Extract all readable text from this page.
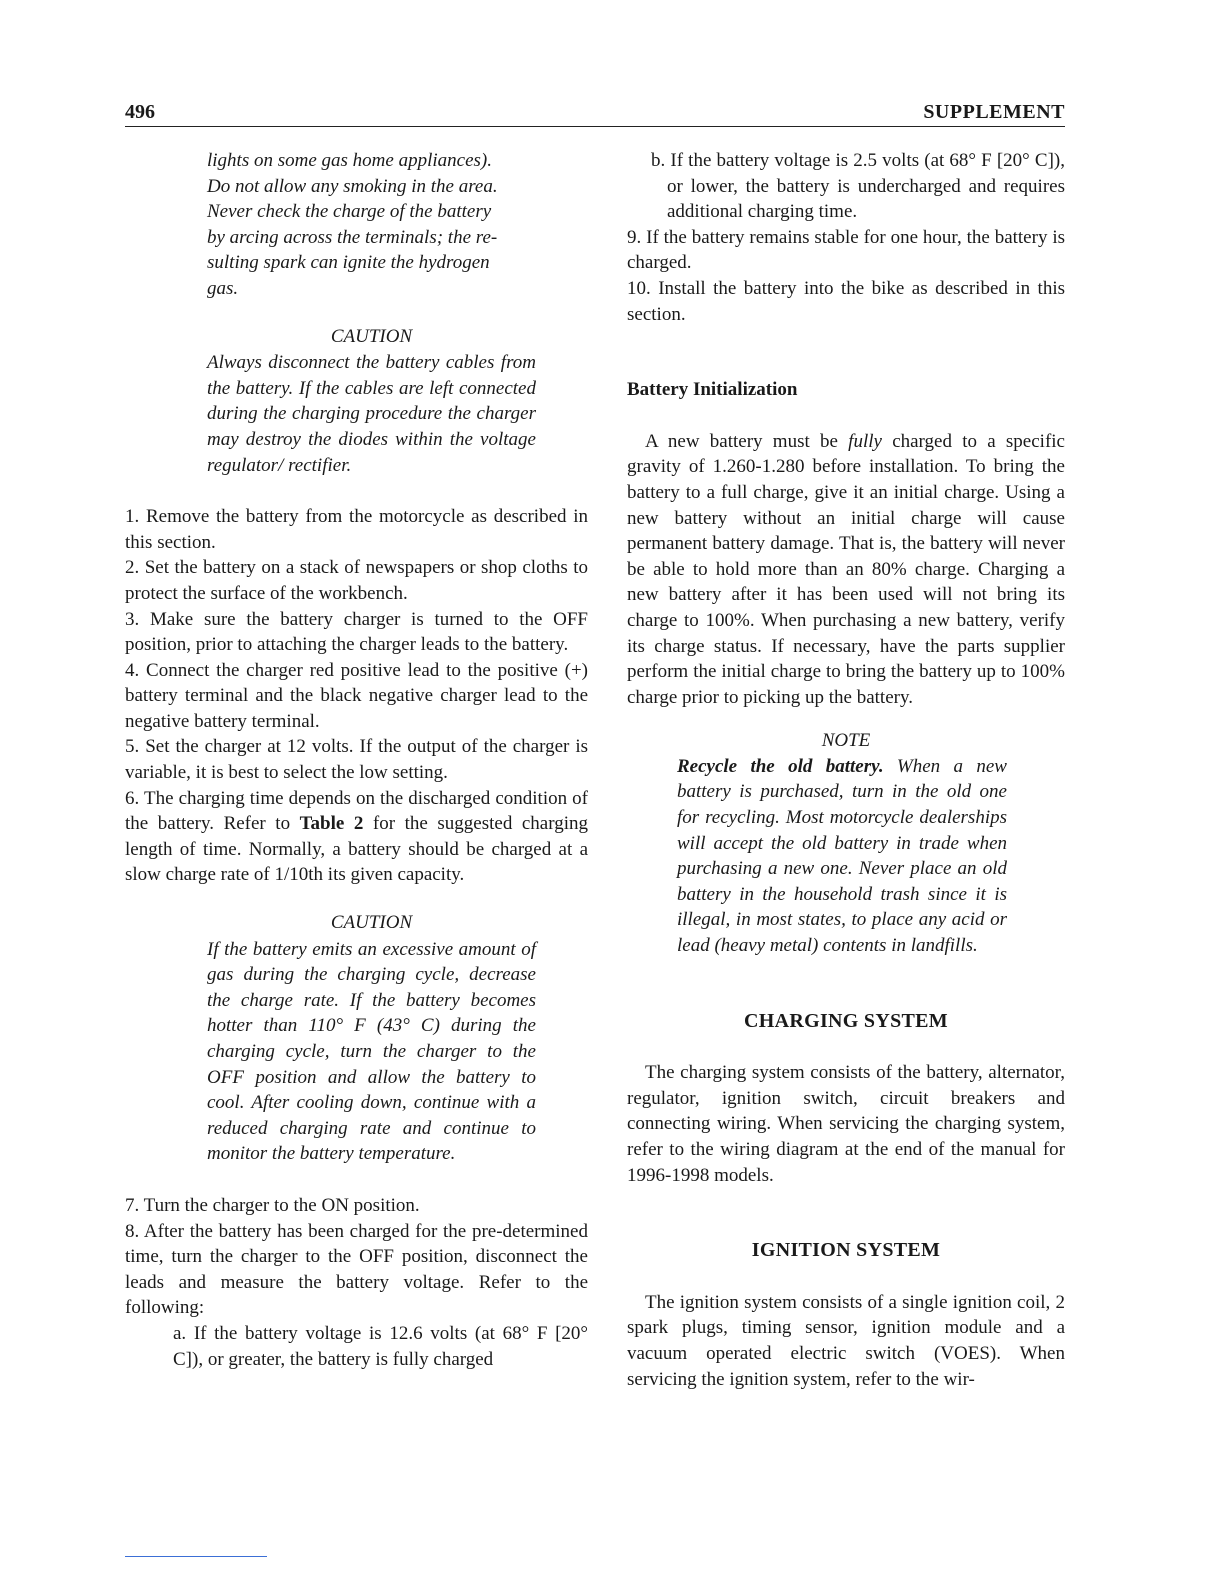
496	SUPPLEMENT
lights on some gas home appliances).
Do not allow any smoking in the area.
Never check the charge of the battery
by arcing across the terminals; the re-
sulting spark can ignite the hydrogen
gas.
CAUTION

Always disconnect the battery cables from the battery. If the cables are left connected during the charging procedure the charger may destroy the diodes within the voltage regulator/ rectifier.

1. Remove the battery from the motorcycle as described in this section.

2. Set the battery on a stack of newspapers or shop cloths to protect the surface of the workbench.

3. Make sure the battery charger is turned to the OFF position, prior to attaching the charger leads to the battery.

4. Connect the charger red positive lead to the positive (+) battery terminal and the black negative charger lead to the negative battery terminal.

5. Set the charger at 12 volts. If the output of the charger is variable, it is best to select the low setting.

6. The charging time depends on the discharged condition of the battery. Refer to Table 2 for the suggested charging length of time. Normally, a battery should be charged at a slow charge rate of 1/10th its given capacity.

CAUTION

If the battery emits an excessive amount of gas during the charging cycle, decrease the charge rate. If the battery becomes hotter than 110° F (43° C) during the charging cycle, turn the charger to the OFF position and allow the battery to cool. After cooling down, continue with a reduced charging rate and continue to monitor the battery temperature.

7. Turn the charger to the ON position.

8. After the battery has been charged for the pre-determined time, turn the charger to the OFF position, disconnect the leads and measure the battery voltage. Refer to the following:

a. If the battery voltage is 12.6 volts (at 68° F [20° C]), or greater, the battery is fully charged

b. If the battery voltage is 2.5 volts (at 68° F [20° C]), or lower, the battery is undercharged and requires additional charging time.

9. If the battery remains stable for one hour, the battery is charged.

10. Install the battery into the bike as described in this section.

Battery Initialization

A new battery must be fully charged to a specific gravity of 1.260-1.280 before installation. To bring the battery to a full charge, give it an initial charge. Using a new battery without an initial charge will cause permanent battery damage. That is, the battery will never be able to hold more than an 80% charge. Charging a new battery after it has been used will not bring its charge to 100%. When purchasing a new battery, verify its charge status. If necessary, have the parts supplier perform the initial charge to bring the battery up to 100% charge prior to picking up the battery.

NOTE

Recycle the old battery. When a new battery is purchased, turn in the old one for recycling. Most motorcycle dealerships will accept the old battery in trade when purchasing a new one. Never place an old battery in the household trash since it is illegal, in most states, to place any acid or lead (heavy metal) contents in landfills.

CHARGING SYSTEM

The charging system consists of the battery, alternator, regulator, ignition switch, circuit breakers and connecting wiring. When servicing the charging system, refer to the wiring diagram at the end of the manual for 1996-1998 models.

IGNITION SYSTEM

The ignition system consists of a single ignition coil, 2 spark plugs, timing sensor, ignition module and a vacuum operated electric switch (VOES). When servicing the ignition system, refer to the wir-
